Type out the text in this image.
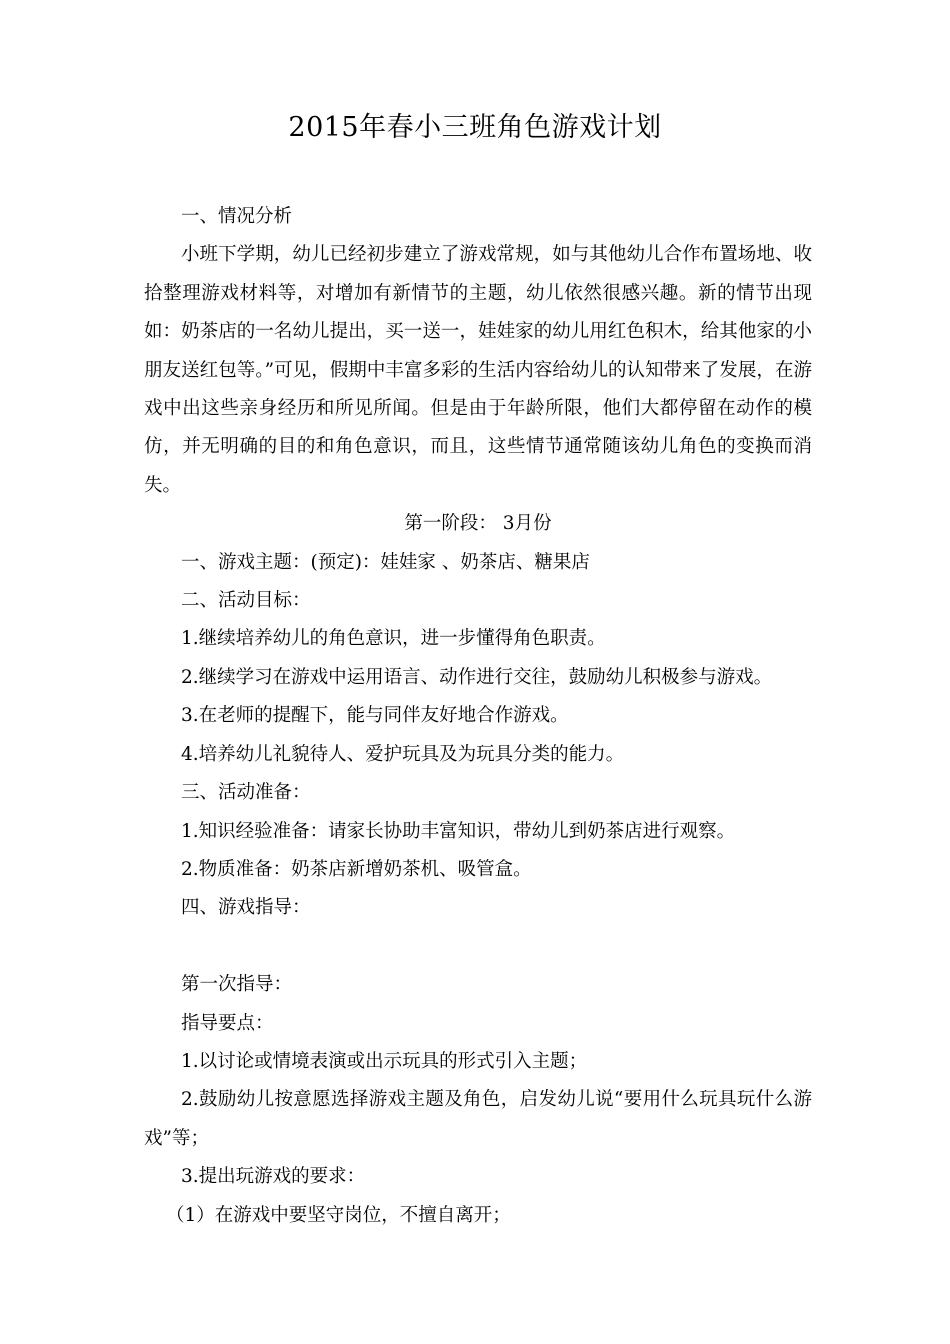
2015年春小三班角色游戏计划

一、情况分析

小班下学期，幼儿已经初步建立了游戏常规，如与其他幼儿合作布置场地、收拾整理游戏材料等，对增加有新情节的主题，幼儿依然很感兴趣。新的情节出现如：奶茶店的一名幼儿提出，买一送一，娃娃家的幼儿用红色积木，给其他家的小朋友送红包等。”可见，假期中丰富多彩的生活内容给幼儿的认知带来了发展，在游戏中出这些亲身经历和所见所闻。但是由于年龄所限，他们大都停留在动作的模仿，并无明确的目的和角色意识，而且，这些情节通常随该幼儿角色的变换而消失。

第一阶段： 3月份

一、游戏主题：(预定)：娃娃家 、奶茶店、糖果店

二、活动目标：

1.继续培养幼儿的角色意识，进一步懂得角色职责。

2.继续学习在游戏中运用语言、动作进行交往，鼓励幼儿积极参与游戏。

3.在老师的提醒下，能与同伴友好地合作游戏。

4.培养幼儿礼貌待人、爱护玩具及为玩具分类的能力。

三、活动准备：

1.知识经验准备：请家长协助丰富知识，带幼儿到奶茶店进行观察。

2.物质准备：奶茶店新增奶茶机、吸管盒。

四、游戏指导：

第一次指导：

指导要点：

1.以讨论或情境表演或出示玩具的形式引入主题；

2.鼓励幼儿按意愿选择游戏主题及角色，启发幼儿说“要用什么玩具玩什么游戏”等；

3.提出玩游戏的要求：

（1）在游戏中要坚守岗位，不擅自离开；
